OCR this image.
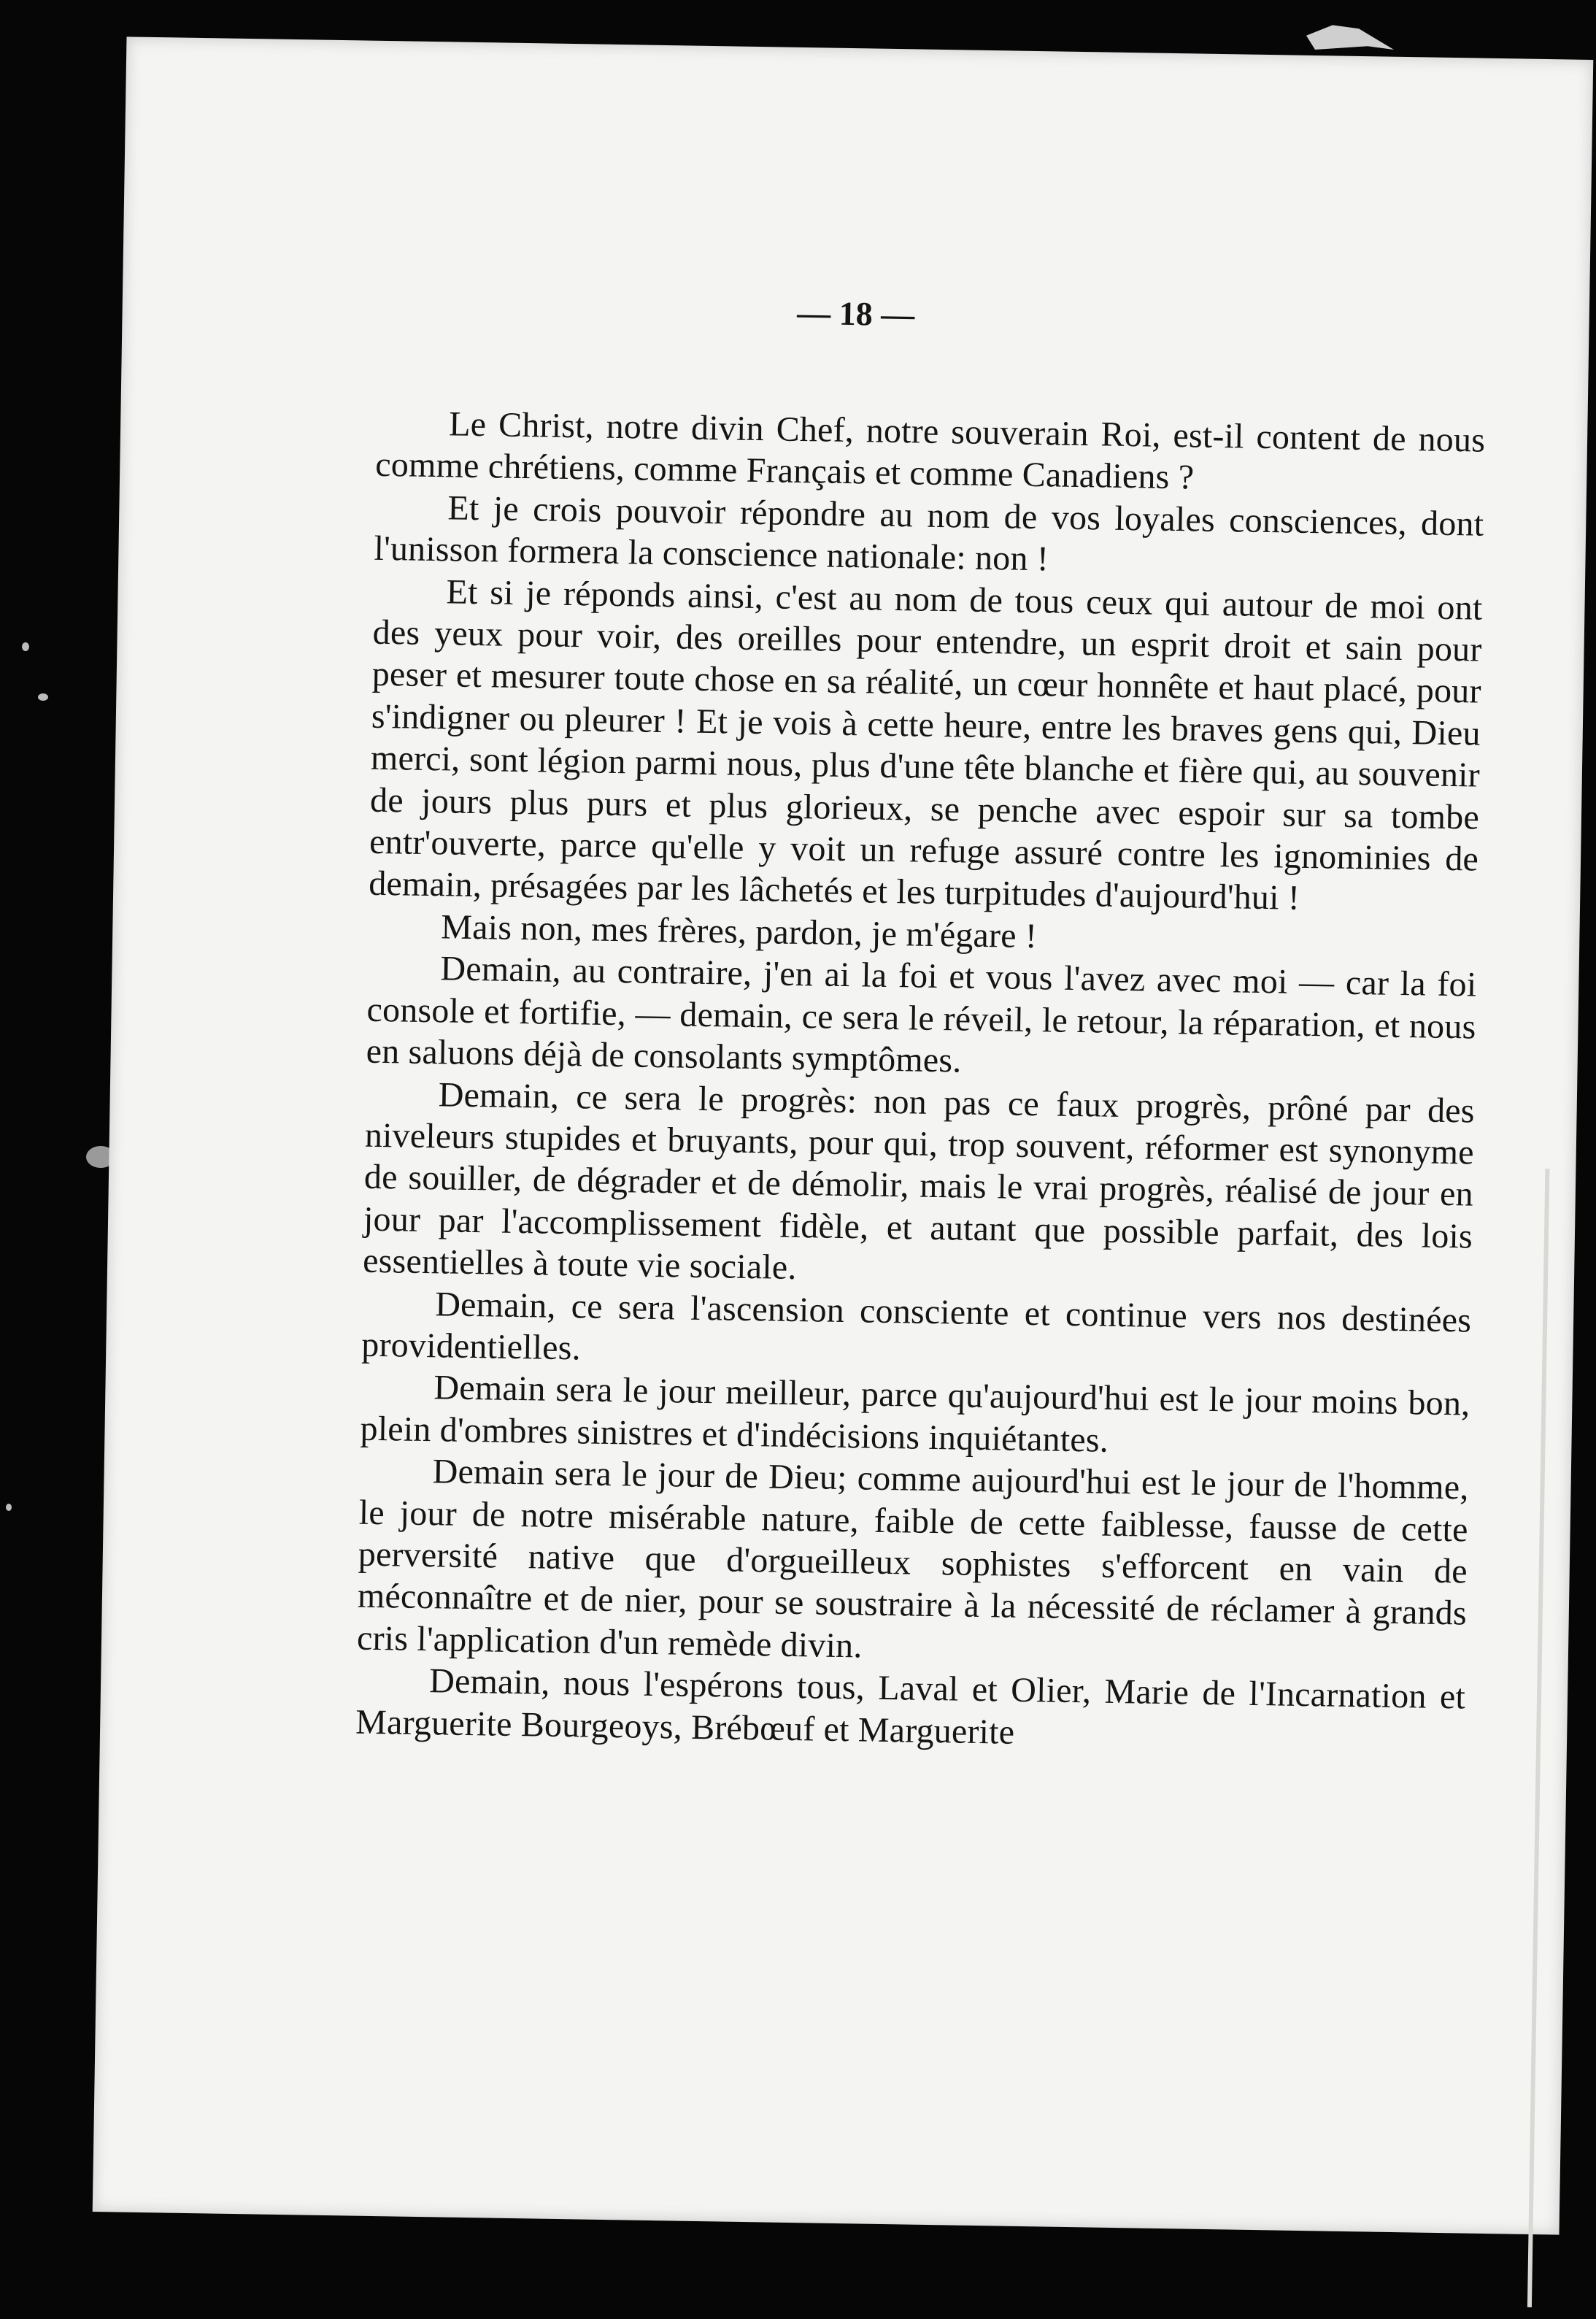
— 18 —

Le Christ, notre divin Chef, notre souverain Roi, est-il content de nous comme chrétiens, comme Français et comme Canadiens ?

Et je crois pouvoir répondre au nom de vos loyales consciences, dont l'unisson formera la conscience nationale: non !

Et si je réponds ainsi, c'est au nom de tous ceux qui autour de moi ont des yeux pour voir, des oreilles pour entendre, un esprit droit et sain pour peser et mesurer toute chose en sa réalité, un cœur honnête et haut placé, pour s'indigner ou pleurer ! Et je vois à cette heure, entre les braves gens qui, Dieu merci, sont légion parmi nous, plus d'une tête blanche et fière qui, au souvenir de jours plus purs et plus glorieux, se penche avec espoir sur sa tombe entr'ouverte, parce qu'elle y voit un refuge assuré contre les ignominies de demain, présagées par les lâchetés et les turpitudes d'aujourd'hui !

Mais non, mes frères, pardon, je m'égare !

Demain, au contraire, j'en ai la foi et vous l'avez avec moi — car la foi console et fortifie, — demain, ce sera le réveil, le retour, la réparation, et nous en saluons déjà de consolants symptômes.

Demain, ce sera le progrès: non pas ce faux progrès, prôné par des niveleurs stupides et bruyants, pour qui, trop souvent, réformer est synonyme de souiller, de dégrader et de démolir, mais le vrai progrès, réalisé de jour en jour par l'accomplissement fidèle, et autant que possible parfait, des lois essentielles à toute vie sociale.

Demain, ce sera l'ascension consciente et continue vers nos destinées providentielles.

Demain sera le jour meilleur, parce qu'aujourd'hui est le jour moins bon, plein d'ombres sinistres et d'indécisions inquiétantes.

Demain sera le jour de Dieu; comme aujourd'hui est le jour de l'homme, le jour de notre misérable nature, faible de cette faiblesse, fausse de cette perversité native que d'orgueilleux sophistes s'efforcent en vain de méconnaître et de nier, pour se soustraire à la nécessité de réclamer à grands cris l'application d'un remède divin.

Demain, nous l'espérons tous, Laval et Olier, Marie de l'Incarnation et Marguerite Bourgeoys, Brébœuf et Marguerite
